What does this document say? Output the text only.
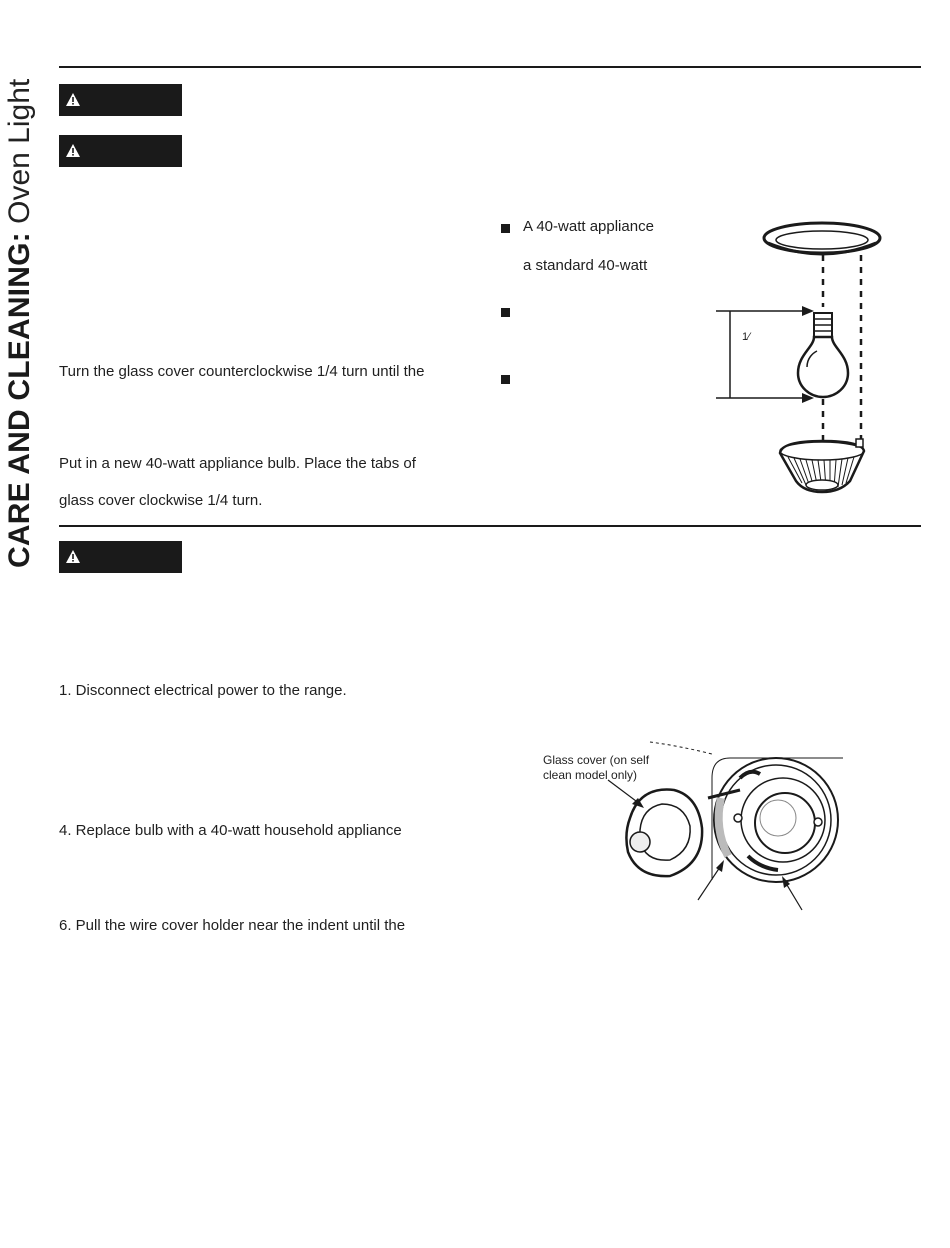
CARE AND CLEANING: Oven Light
Turn the glass cover counterclockwise 1/4 turn until the
Put in a new 40-watt appliance bulb. Place the tabs of
glass cover clockwise 1/4 turn.
A 40-watt appliance
a standard 40-watt
1⁄
1. Disconnect electrical power to the range.
4. Replace bulb with a 40-watt household appliance
6. Pull the wire cover holder near the indent until the
Glass cover (on self
clean model only)
